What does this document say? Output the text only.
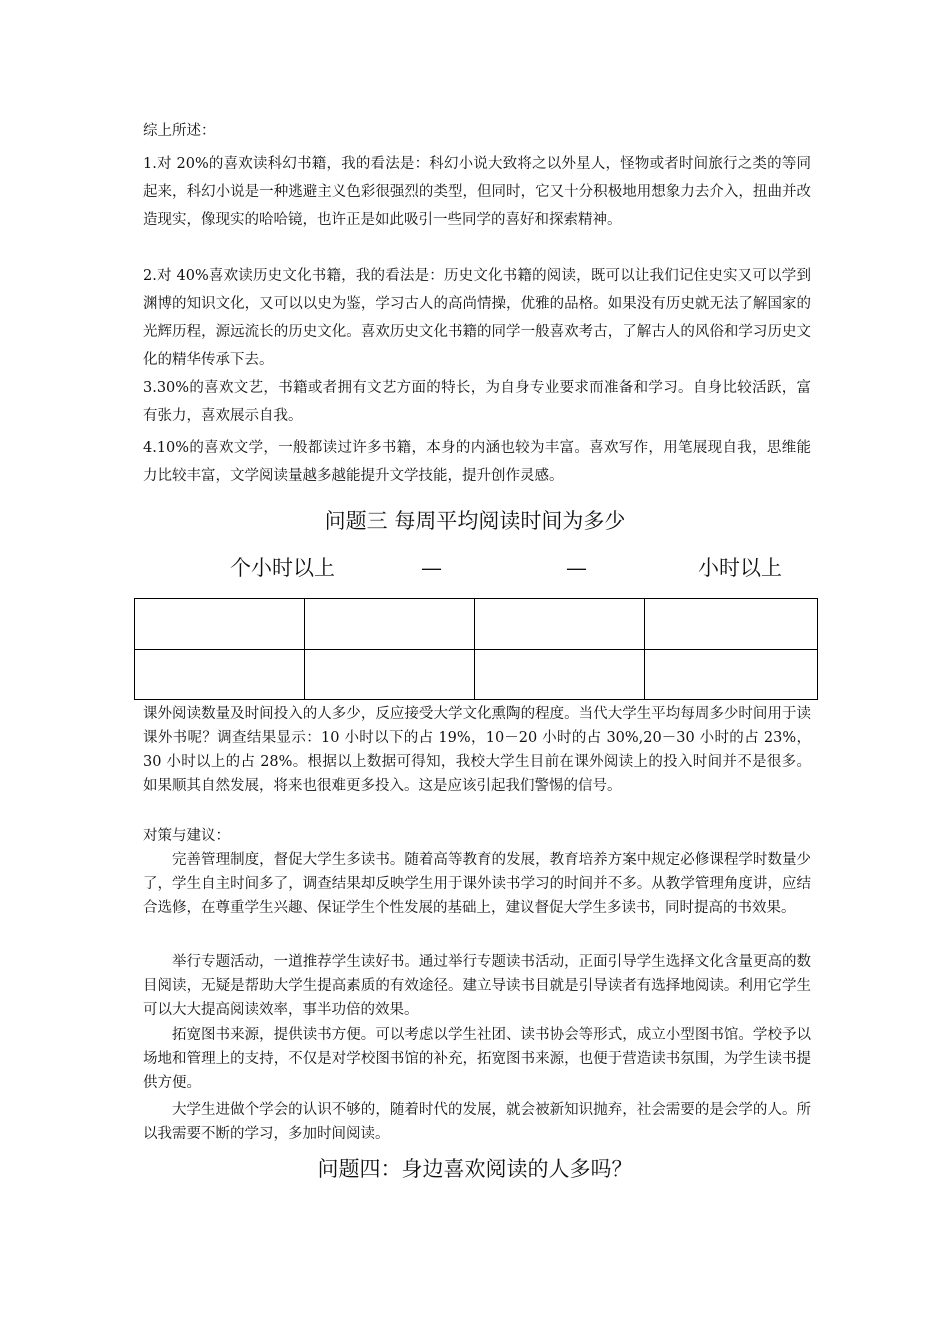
综上所述：

1.对 20%的喜欢读科幻书籍，我的看法是：科幻小说大致将之以外星人，怪物或者时间旅行之类的等同起来，科幻小说是一种逃避主义色彩很强烈的类型，但同时，它又十分积极地用想象力去介入，扭曲并改造现实，像现实的哈哈镜，也许正是如此吸引一些同学的喜好和探索精神。

2.对 40%喜欢读历史文化书籍，我的看法是：历史文化书籍的阅读，既可以让我们记住史实又可以学到渊博的知识文化，又可以以史为鉴，学习古人的高尚情操，优雅的品格。如果没有历史就无法了解国家的光辉历程，源远流长的历史文化。喜欢历史文化书籍的同学一般喜欢考古，了解古人的风俗和学习历史文化的精华传承下去。

3.30%的喜欢文艺，书籍或者拥有文艺方面的特长，为自身专业要求而准备和学习。自身比较活跃，富有张力，喜欢展示自我。

4.10%的喜欢文学，一般都读过许多书籍，本身的内涵也较为丰富。喜欢写作，用笔展现自我，思维能力比较丰富，文学阅读量越多越能提升文学技能，提升创作灵感。

问题三 每周平均阅读时间为多少

个小时以上	—	—	小时以上

课外阅读数量及时间投入的人多少，反应接受大学文化熏陶的程度。当代大学生平均每周多少时间用于读课外书呢？调查结果显示：10 小时以下的占 19%，10－20 小时的占 30%,20－30 小时的占 23%，30 小时以上的占 28%。根据以上数据可得知，我校大学生目前在课外阅读上的投入时间并不是很多。如果顺其自然发展，将来也很难更多投入。这是应该引起我们警惕的信号。

对策与建议：

完善管理制度，督促大学生多读书。随着高等教育的发展，教育培养方案中规定必修课程学时数量少了，学生自主时间多了，调查结果却反映学生用于课外读书学习的时间并不多。从教学管理角度讲，应结合选修，在尊重学生兴趣、保证学生个性发展的基础上，建议督促大学生多读书，同时提高的书效果。

举行专题活动，一道推荐学生读好书。通过举行专题读书活动，正面引导学生选择文化含量更高的数目阅读，无疑是帮助大学生提高素质的有效途径。建立导读书目就是引导读者有选择地阅读。利用它学生可以大大提高阅读效率，事半功倍的效果。

拓宽图书来源，提供读书方便。可以考虑以学生社团、读书协会等形式，成立小型图书馆。学校予以场地和管理上的支持，不仅是对学校图书馆的补充，拓宽图书来源，也便于营造读书氛围，为学生读书提供方便。

大学生进做个学会的认识不够的，随着时代的发展，就会被新知识抛弃，社会需要的是会学的人。所以我需要不断的学习，多加时间阅读。

问题四：身边喜欢阅读的人多吗？
